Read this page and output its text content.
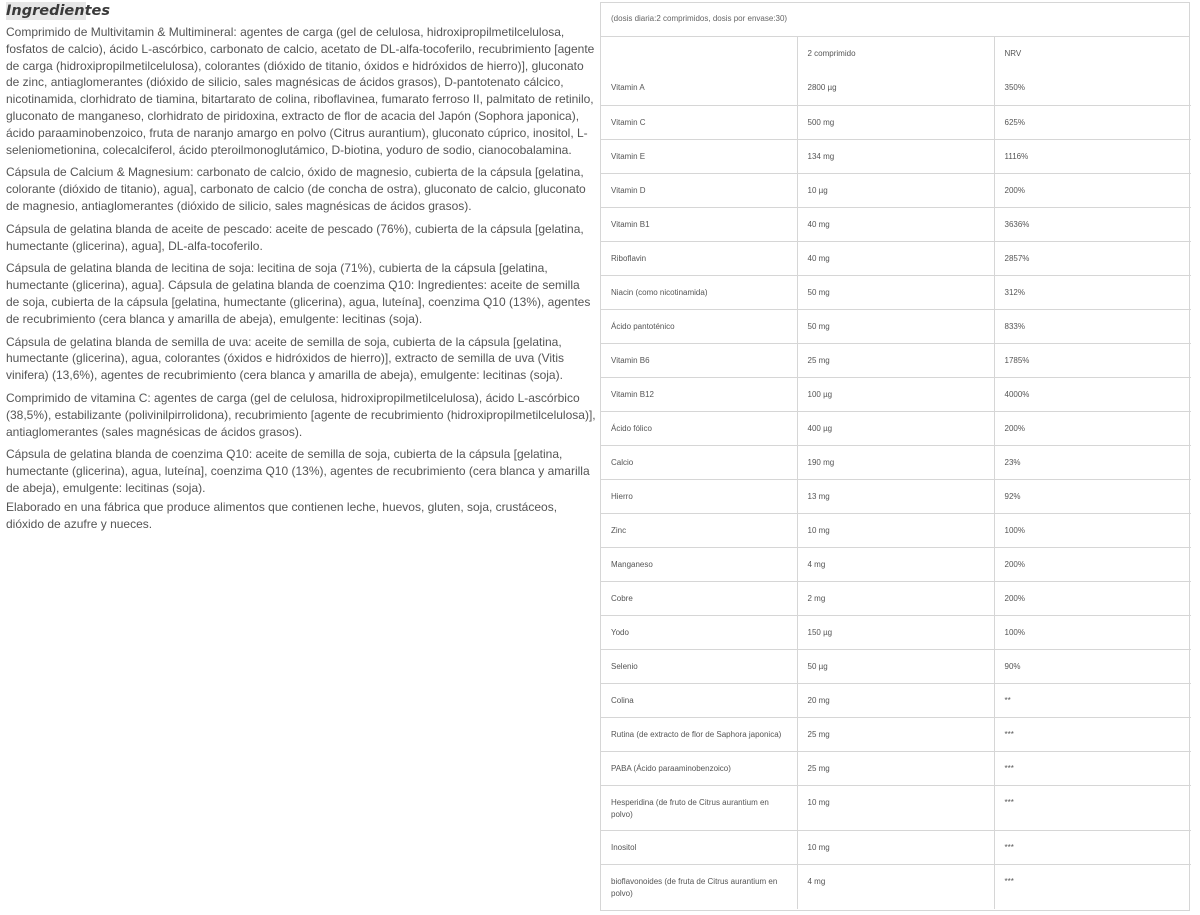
Ingredientes

Comprimido de Multivitamin & Multimineral: agentes de carga (gel de celulosa, hidroxipropilmetilcelulosa, fosfatos de calcio), ácido L-ascórbico, carbonato de calcio, acetato de DL-alfa-tocoferilo, recubrimiento [agente de carga (hidroxipropilmetilcelulosa), colorantes (dióxido de titanio, óxidos e hidróxidos de hierro)], gluconato de zinc, antiaglomerantes (dióxido de silicio, sales magnésicas de ácidos grasos), D-pantotenato cálcico, nicotinamida, clorhidrato de tiamina, bitartarato de colina, riboflavinea, fumarato ferroso II, palmitato de retinilo, gluconato de manganeso, clorhidrato de piridoxina, extracto de flor de acacia del Japón (Sophora japonica), ácido paraaminobenzoico, fruta de naranjo amargo en polvo (Citrus aurantium), gluconato cúprico, inositol, L-seleniometionina, colecalciferol, ácido pteroilmonoglutámico, D-biotina, yoduro de sodio, cianocobalamina.

Cápsula de Calcium & Magnesium: carbonato de calcio, óxido de magnesio, cubierta de la cápsula [gelatina, colorante (dióxido de titanio), agua], carbonato de calcio (de concha de ostra), gluconato de calcio, gluconato de magnesio, antiaglomerantes (dióxido de silicio, sales magnésicas de ácidos grasos).

Cápsula de gelatina blanda de aceite de pescado: aceite de pescado (76%), cubierta de la cápsula [gelatina, humectante (glicerina), agua], DL-alfa-tocoferilo.

Cápsula de gelatina blanda de lecitina de soja: lecitina de soja (71%), cubierta de la cápsula [gelatina, humectante (glicerina), agua]. Cápsula de gelatina blanda de coenzima Q10: Ingredientes: aceite de semilla de soja, cubierta de la cápsula [gelatina, humectante (glicerina), agua, luteína], coenzima Q10 (13%), agentes de recubrimiento (cera blanca y amarilla de abeja), emulgente: lecitinas (soja).

Cápsula de gelatina blanda de semilla de uva: aceite de semilla de soja, cubierta de la cápsula [gelatina, humectante (glicerina), agua, colorantes (óxidos e hidróxidos de hierro)], extracto de semilla de uva (Vitis vinifera) (13,6%), agentes de recubrimiento (cera blanca y amarilla de abeja), emulgente: lecitinas (soja).

Comprimido de vitamina C: agentes de carga (gel de celulosa, hidroxipropilmetilcelulosa), ácido L-ascórbico (38,5%), estabilizante (polivinilpirrolidona), recubrimiento [agente de recubrimiento (hidroxipropilmetilcelulosa)], antiaglomerantes (sales magnésicas de ácidos grasos).

Cápsula de gelatina blanda de coenzima Q10: aceite de semilla de soja, cubierta de la cápsula [gelatina, humectante (glicerina), agua, luteína], coenzima Q10 (13%), agentes de recubrimiento (cera blanca y amarilla de abeja), emulgente: lecitinas (soja).

Elaborado en una fábrica que produce alimentos que contienen leche, huevos, gluten, soja, crustáceos, dióxido de azufre y nueces.

(dosis diaria:2 comprimidos, dosis por envase:30)
	2 comprimido	NRV
Vitamin A	2800 µg	350%
Vitamin C	500 mg	625%
Vitamin E	134 mg	1116%
Vitamin D	10 µg	200%
Vitamin B1	40 mg	3636%
Riboflavin	40 mg	2857%
Niacin (como nicotinamida)	50 mg	312%
Ácido pantoténico	50 mg	833%
Vitamin B6	25 mg	1785%
Vitamin B12	100 µg	4000%
Ácido fólico	400 µg	200%
Calcio	190 mg	23%
Hierro	13 mg	92%
Zinc	10 mg	100%
Manganeso	4 mg	200%
Cobre	2 mg	200%
Yodo	150 µg	100%
Selenio	50 µg	90%
Colina	20 mg	**
Rutina (de extracto de flor de Saphora japonica)	25 mg	***
PABA (Ácido paraaminobenzoico)	25 mg	***
Hesperidina (de fruto de Citrus aurantium en polvo)	10 mg	***
Inositol	10 mg	***
bioflavonoides (de fruta de Citrus aurantium en polvo)	4 mg	***
